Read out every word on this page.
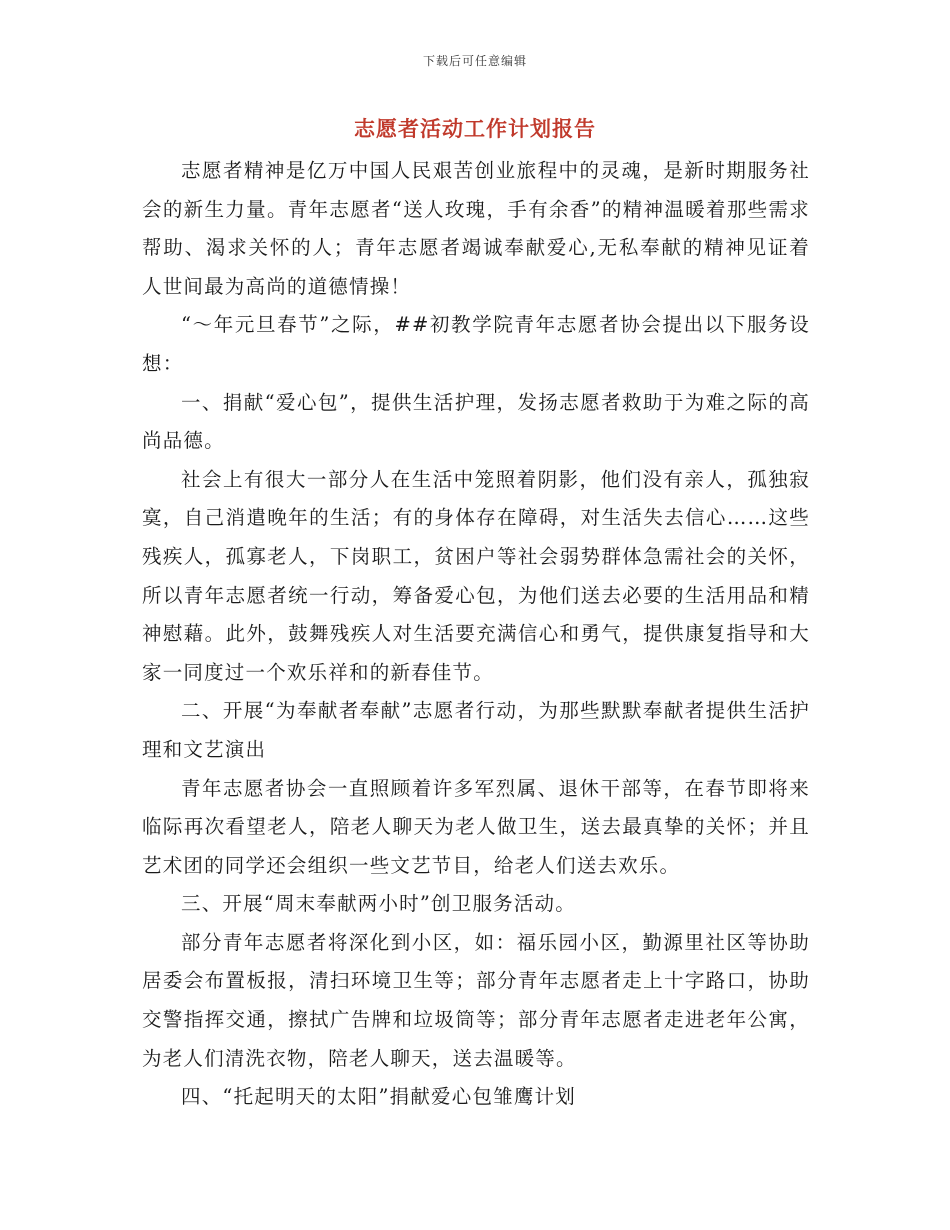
下载后可任意编辑
志愿者活动工作计划报告

志愿者精神是亿万中国人民艰苦创业旅程中的灵魂，是新时期服务社会的新生力量。青年志愿者“送人玫瑰，手有余香”的精神温暖着那些需求帮助、渴求关怀的人；青年志愿者竭诚奉献爱心,无私奉献的精神见证着人世间最为高尚的道德情操！

“～年元旦春节”之际，##初教学院青年志愿者协会提出以下服务设想：

一、捐献“爱心包”，提供生活护理，发扬志愿者救助于为难之际的高尚品德。

社会上有很大一部分人在生活中笼照着阴影，他们没有亲人，孤独寂寞，自己消遣晚年的生活；有的身体存在障碍，对生活失去信心……这些残疾人，孤寡老人，下岗职工，贫困户等社会弱势群体急需社会的关怀，所以青年志愿者统一行动，筹备爱心包，为他们送去必要的生活用品和精神慰藉。此外，鼓舞残疾人对生活要充满信心和勇气，提供康复指导和大家一同度过一个欢乐祥和的新春佳节。

二、开展“为奉献者奉献”志愿者行动，为那些默默奉献者提供生活护理和文艺演出

青年志愿者协会一直照顾着许多军烈属、退休干部等，在春节即将来临际再次看望老人，陪老人聊天为老人做卫生，送去最真挚的关怀；并且艺术团的同学还会组织一些文艺节目，给老人们送去欢乐。

三、开展“周末奉献两小时”创卫服务活动。

部分青年志愿者将深化到小区，如：福乐园小区，勤源里社区等协助居委会布置板报，清扫环境卫生等；部分青年志愿者走上十字路口，协助交警指挥交通，擦拭广告牌和垃圾筒等；部分青年志愿者走进老年公寓，为老人们清洗衣物，陪老人聊天，送去温暖等。

四、“托起明天的太阳”捐献爱心包雏鹰计划
